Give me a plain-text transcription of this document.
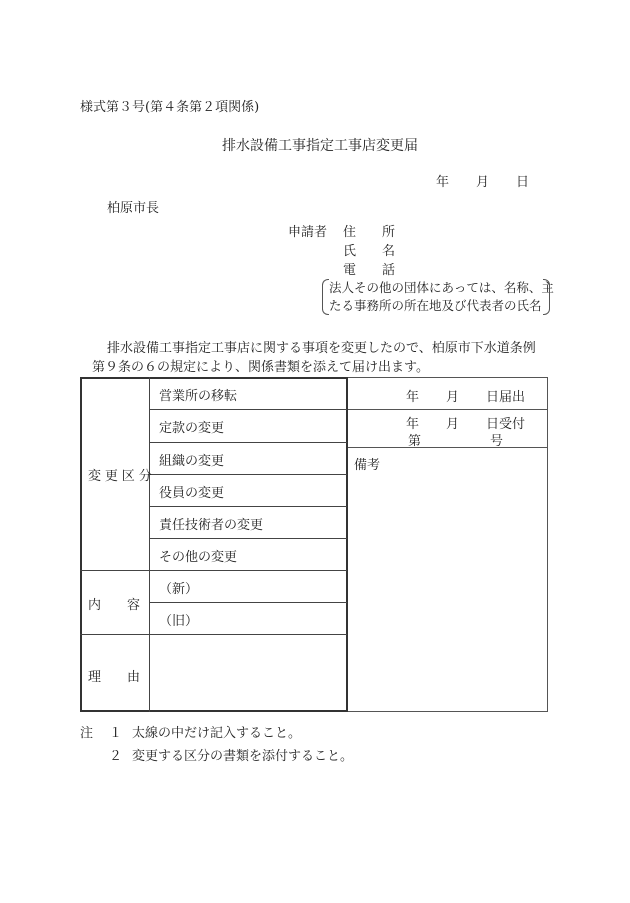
様式第３号(第４条第２項関係)
排水設備工事指定工事店変更届
年 月 日
柏原市長
申請者 住　　所
氏　　名
電　　話
法人その他の団体にあっては、名称、主
たる事務所の所在地及び代表者の氏名
排水設備工事指定工事店に関する事項を変更したので、柏原市下水道条例
第９条の６の規定により、関係書類を添えて届け出ます。
変更区分
営業所の移転
定款の変更
組織の変更
役員の変更
責任技術者の変更
その他の変更
内　　容
（新）
（旧）
理　　由
年 月 日届出
年 月 日受付
第	号
備考
注 １ 太線の中だけ記入すること。
２ 変更する区分の書類を添付すること。
